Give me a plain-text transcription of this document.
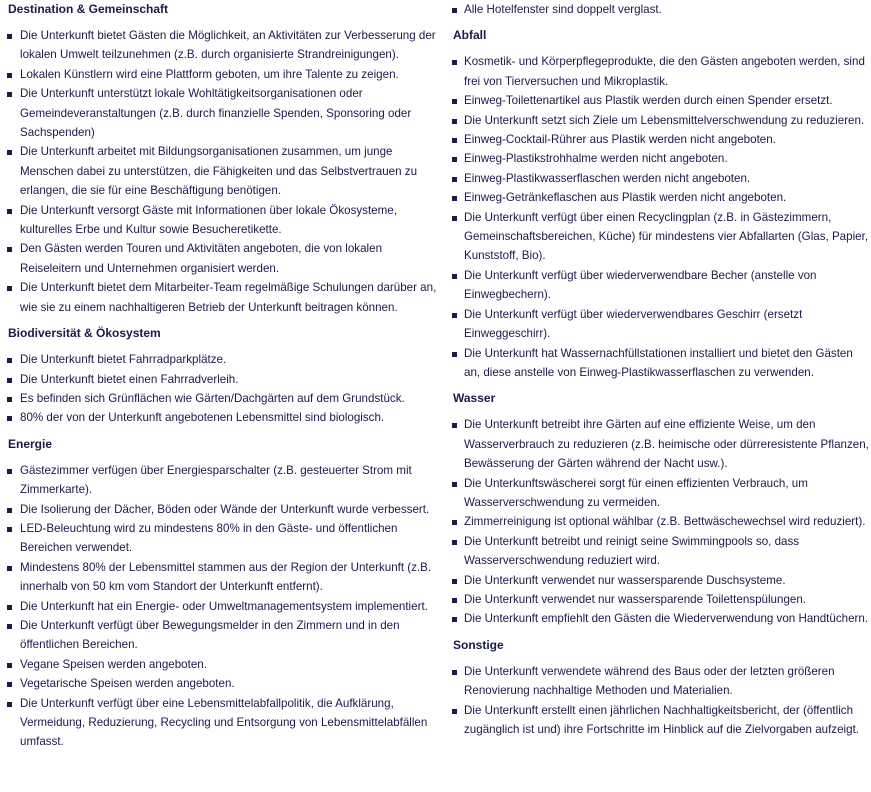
Destination & Gemeinschaft
Die Unterkunft bietet Gästen die Möglichkeit, an Aktivitäten zur Verbesserung der lokalen Umwelt teilzunehmen (z.B. durch organisierte Strandreinigungen).
Lokalen Künstlern wird eine Plattform geboten, um ihre Talente zu zeigen.
Die Unterkunft unterstützt lokale Wohltätigkeitsorganisationen oder Gemeindeveranstaltungen (z.B. durch finanzielle Spenden, Sponsoring oder Sachspenden)
Die Unterkunft arbeitet mit Bildungsorganisationen zusammen, um junge Menschen dabei zu unterstützen, die Fähigkeiten und das Selbstvertrauen zu erlangen, die sie für eine Beschäftigung benötigen.
Die Unterkunft versorgt Gäste mit Informationen über lokale Ökosysteme, kulturelles Erbe und Kultur sowie Besucheretikette.
Den Gästen werden Touren und Aktivitäten angeboten, die von lokalen Reiseleitern und Unternehmen organisiert werden.
Die Unterkunft bietet dem Mitarbeiter-Team regelmäßige Schulungen darüber an, wie sie zu einem nachhaltigeren Betrieb der Unterkunft beitragen können.
Biodiversität & Ökosystem
Die Unterkunft bietet Fahrradparkplätze.
Die Unterkunft bietet einen Fahrradverleih.
Es befinden sich Grünflächen wie Gärten/Dachgärten auf dem Grundstück.
80% der von der Unterkunft angebotenen Lebensmittel sind biologisch.
Energie
Gästezimmer verfügen über Energiesparschalter (z.B. gesteuerter Strom mit Zimmerkarte).
Die Isolierung der Dächer, Böden oder Wände der Unterkunft wurde verbessert.
LED-Beleuchtung wird zu mindestens 80% in den Gäste- und öffentlichen Bereichen verwendet.
Mindestens 80% der Lebensmittel stammen aus der Region der Unterkunft (z.B. innerhalb von 50 km vom Standort der Unterkunft entfernt).
Die Unterkunft hat ein Energie- oder Umweltmanagementsystem implementiert.
Die Unterkunft verfügt über Bewegungsmelder in den Zimmern und in den öffentlichen Bereichen.
Vegane Speisen werden angeboten.
Vegetarische Speisen werden angeboten.
Die Unterkunft verfügt über eine Lebensmittelabfallpolitik, die Aufklärung, Vermeidung, Reduzierung, Recycling und Entsorgung von Lebensmittelabfällen umfasst.
Alle Hotelfenster sind doppelt verglast.
Abfall
Kosmetik- und Körperpflegeprodukte, die den Gästen angeboten werden, sind frei von Tierversuchen und Mikroplastik.
Einweg-Toilettenartikel aus Plastik werden durch einen Spender ersetzt.
Die Unterkunft setzt sich Ziele um Lebensmittelverschwendung zu reduzieren.
Einweg-Cocktail-Rührer aus Plastik werden nicht angeboten.
Einweg-Plastikstrohhalme werden nicht angeboten.
Einweg-Plastikwasserflaschen werden nicht angeboten.
Einweg-Getränkeflaschen aus Plastik werden nicht angeboten.
Die Unterkunft verfügt über einen Recyclingplan (z.B. in Gästezimmern, Gemeinschaftsbereichen, Küche) für mindestens vier Abfallarten (Glas, Papier, Kunststoff, Bio).
Die Unterkunft verfügt über wiederverwendbare Becher (anstelle von Einwegbechern).
Die Unterkunft verfügt über wiederverwendbares Geschirr (ersetzt Einweggeschirr).
Die Unterkunft hat Wassernachfüllstationen installiert und bietet den Gästen an, diese anstelle von Einweg-Plastikwasserflaschen zu verwenden.
Wasser
Die Unterkunft betreibt ihre Gärten auf eine effiziente Weise, um den Wasserverbrauch zu reduzieren (z.B. heimische oder dürreresistente Pflanzen, Bewässerung der Gärten während der Nacht usw.).
Die Unterkunftswäscherei sorgt für einen effizienten Verbrauch, um Wasserverschwendung zu vermeiden.
Zimmerreinigung ist optional wählbar (z.B. Bettwäschewechsel wird reduziert).
Die Unterkunft betreibt und reinigt seine Swimmingpools so, dass Wasserverschwendung reduziert wird.
Die Unterkunft verwendet nur wassersparende Duschsysteme.
Die Unterkunft verwendet nur wassersparende Toilettenspülungen.
Die Unterkunft empfiehlt den Gästen die Wiederverwendung von Handtüchern.
Sonstige
Die Unterkunft verwendete während des Baus oder der letzten größeren Renovierung nachhaltige Methoden und Materialien.
Die Unterkunft erstellt einen jährlichen Nachhaltigkeitsbericht, der (öffentlich zugänglich ist und) ihre Fortschritte im Hinblick auf die Zielvorgaben aufzeigt.
